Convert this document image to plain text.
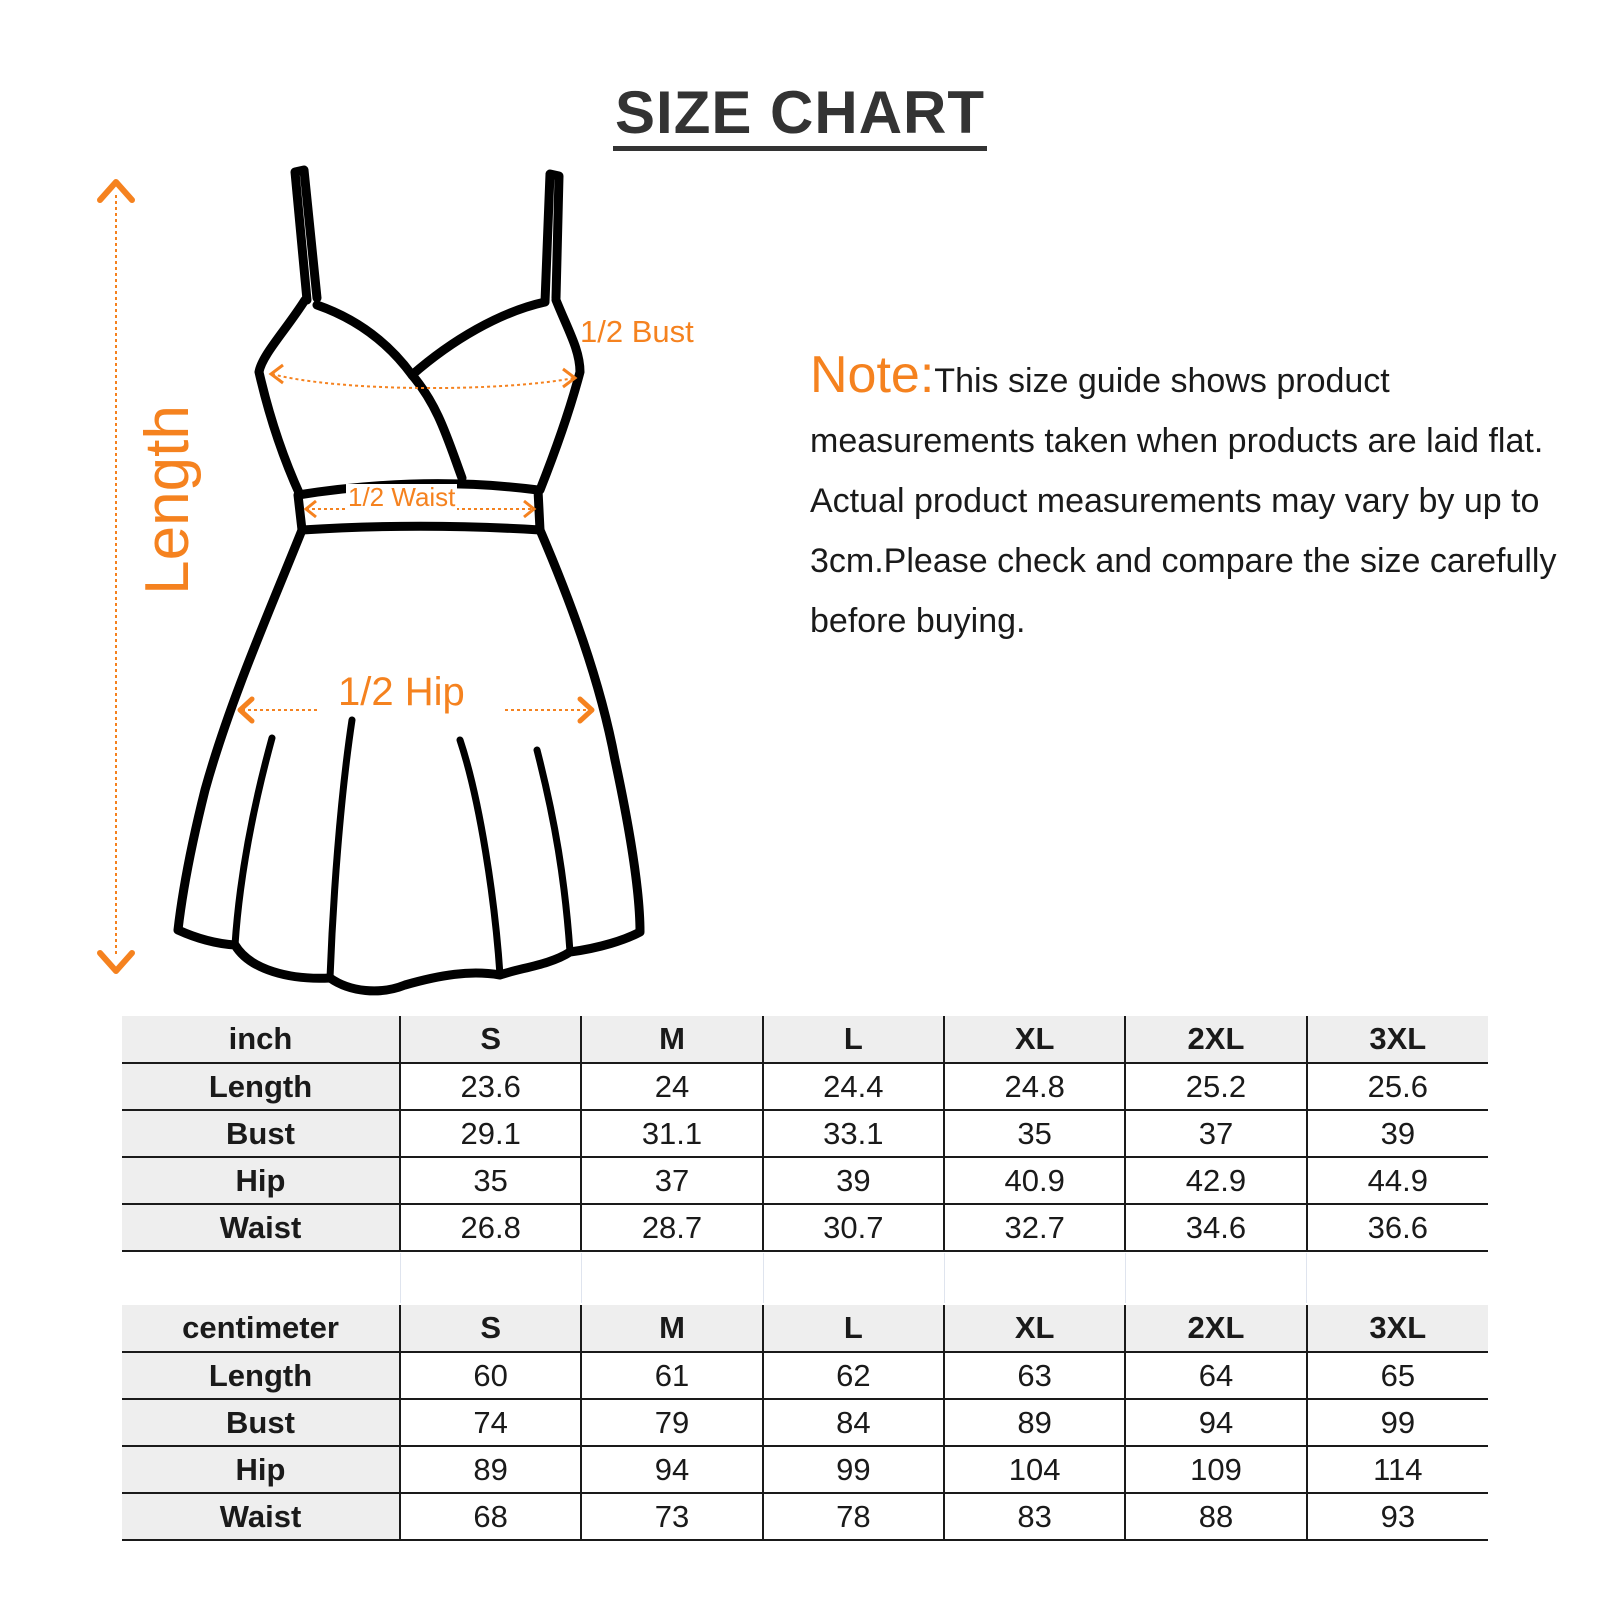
SIZE CHART
Length
1/2 Bust
1/2 Waist
1/2 Hip
Note:This size guide shows product measurements taken when products are laid flat. Actual product measurements may vary by up to 3cm.Please check and compare the size carefully before buying.
inch	S	M	L	XL	2XL	3XL
Length	23.6	24	24.4	24.8	25.2	25.6
Bust	29.1	31.1	33.1	35	37	39
Hip	35	37	39	40.9	42.9	44.9
Waist	26.8	28.7	30.7	32.7	34.6	36.6
centimeter	S	M	L	XL	2XL	3XL
Length	60	61	62	63	64	65
Bust	74	79	84	89	94	99
Hip	89	94	99	104	109	114
Waist	68	73	78	83	88	93
